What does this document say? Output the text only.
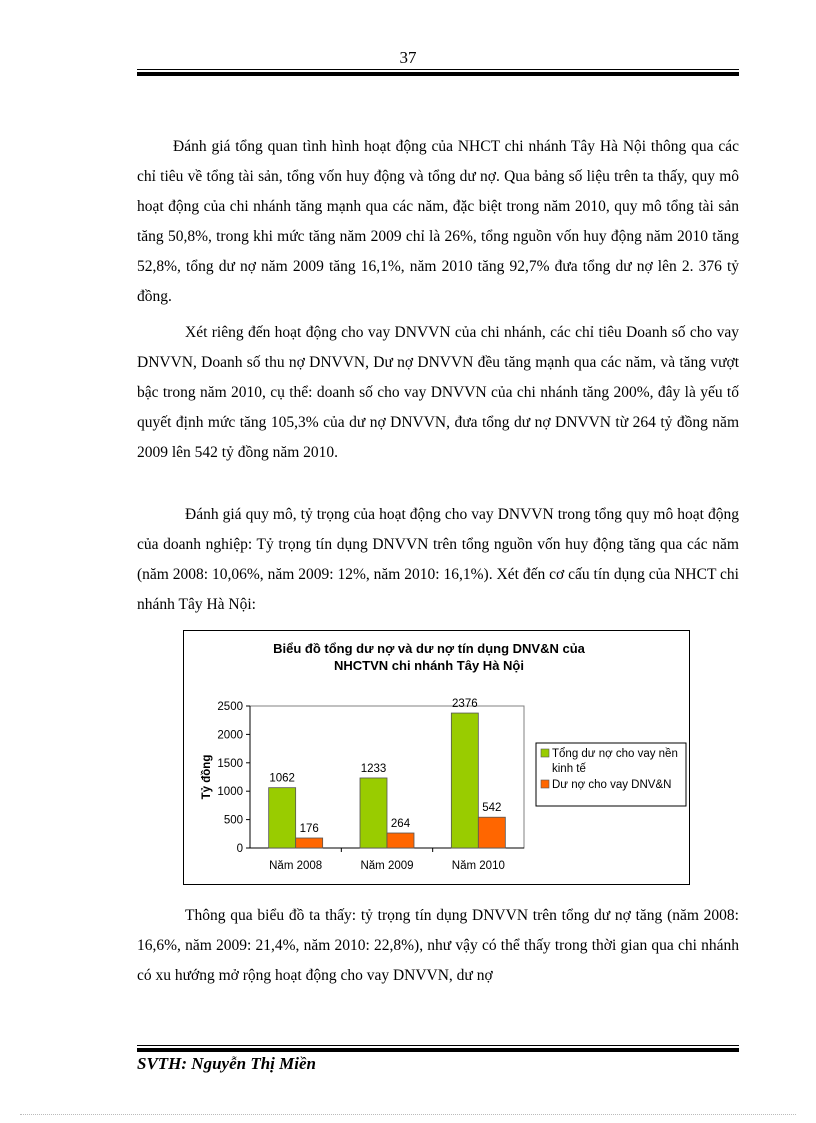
37

Đánh giá tổng quan tình hình hoạt động của NHCT chi nhánh Tây Hà Nội thông qua các chỉ tiêu về tổng tài sản, tổng vốn huy động và tổng dư nợ. Qua bảng số liệu trên ta thấy, quy mô hoạt động của chi nhánh tăng mạnh qua các năm, đặc biệt trong năm 2010, quy mô tổng tài sản tăng 50,8%, trong khi mức tăng năm 2009 chỉ là 26%, tổng nguồn vốn huy động năm 2010 tăng 52,8%, tổng dư nợ năm 2009 tăng 16,1%, năm 2010 tăng 92,7% đưa tổng dư nợ lên 2. 376 tỷ đồng.

Xét riêng đến hoạt động cho vay DNVVN của chi nhánh, các chỉ tiêu Doanh số cho vay DNVVN, Doanh số thu nợ DNVVN, Dư nợ DNVVN đều tăng mạnh qua các năm, và tăng vượt bậc trong năm 2010, cụ thể: doanh số cho vay DNVVN của chi nhánh tăng 200%, đây là yếu tố quyết định mức tăng 105,3% của dư nợ DNVVN, đưa tổng dư nợ DNVVN từ 264 tỷ đồng năm 2009 lên 542 tỷ đồng năm 2010.

Đánh giá quy mô, tỷ trọng của hoạt động cho vay DNVVN trong tổng quy mô hoạt động của doanh nghiệp: Tỷ trọng tín dụng DNVVN trên tổng nguồn vốn huy động tăng qua các năm (năm 2008: 10,06%, năm 2009: 12%, năm 2010: 16,1%). Xét đến cơ cấu tín dụng của NHCT chi nhánh Tây Hà Nội:

Biểu đồ tổng dư nợ và dư nợ tín dụng DNV&N của
NHCTVN chi nhánh Tây Hà Nội
Tỷ đồng
0
500
1000
1500
2000
2500
Năm 2008
1062
176
Năm 2009
1233
264
Năm 2010
2376
542
Tổng dư nợ cho vay nền
kinh tế
Dư nợ cho vay DNV&N

Thông qua biểu đồ ta thấy: tỷ trọng tín dụng DNVVN trên tổng dư nợ tăng (năm 2008: 16,6%, năm 2009: 21,4%, năm 2010: 22,8%), như vậy có thể thấy trong thời gian qua chi nhánh có xu hướng mở rộng hoạt động cho vay DNVVN, dư nợ

SVTH: Nguyễn Thị Miền
